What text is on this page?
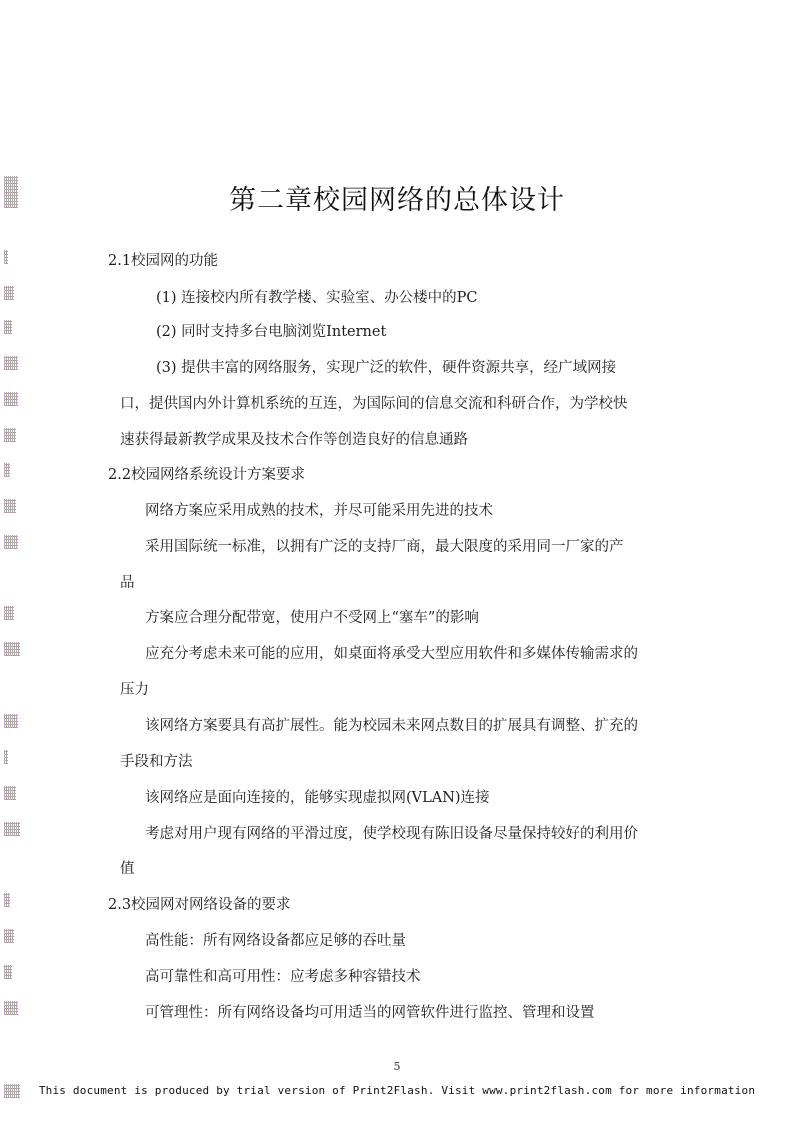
第二章校园网络的总体设计
2.1校园网的功能
(1) 连接校内所有教学楼、实验室、办公楼中的PC
(2) 同时支持多台电脑浏览Internet
(3) 提供丰富的网络服务，实现广泛的软件，硬件资源共享，经广域网接
口，提供国内外计算机系统的互连，为国际间的信息交流和科研合作，为学校快
速获得最新教学成果及技术合作等创造良好的信息通路
2.2校园网络系统设计方案要求
网络方案应采用成熟的技术，并尽可能采用先进的技术
采用国际统一标准，以拥有广泛的支持厂商，最大限度的采用同一厂家的产
品
方案应合理分配带宽，使用户不受网上“塞车”的影响
应充分考虑未来可能的应用，如桌面将承受大型应用软件和多媒体传输需求的
压力
该网络方案要具有高扩展性。能为校园未来网点数目的扩展具有调整、扩充的
手段和方法
该网络应是面向连接的，能够实现虚拟网(VLAN)连接
考虑对用户现有网络的平滑过度，使学校现有陈旧设备尽量保持较好的利用价
值
2.3校园网对网络设备的要求
高性能：所有网络设备都应足够的吞吐量
高可靠性和高可用性：应考虑多种容错技术
可管理性：所有网络设备均可用适当的网管软件进行监控、管理和设置
5
This document is produced by trial version of Print2Flash. Visit www.print2flash.com for more information
